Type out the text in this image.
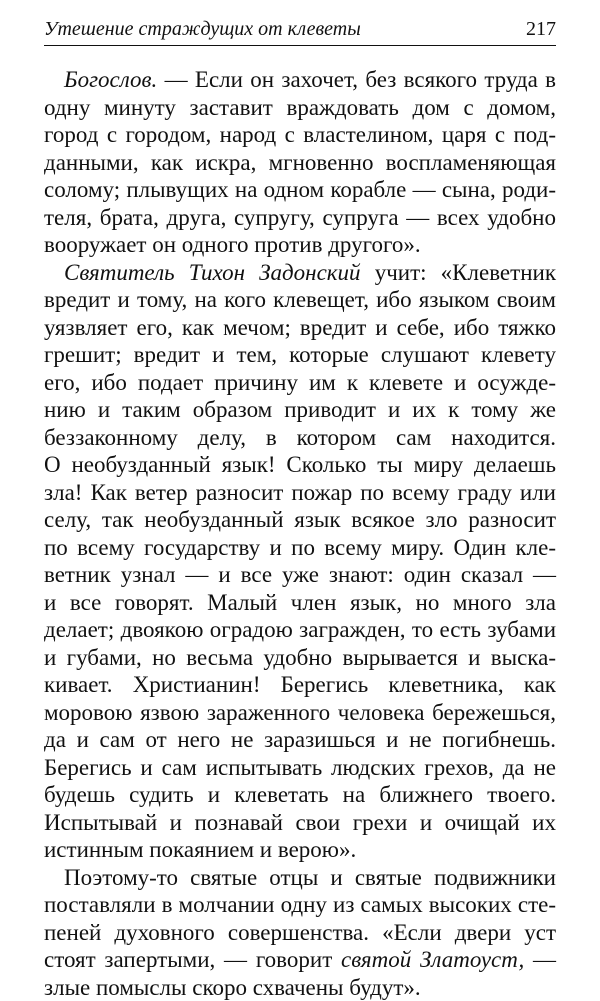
Утешение страждущих от клеветы	217

Богослов. — Если он захочет, без всякого труда в
одну минуту заставит враждовать дом с домом,
город с городом, народ с властелином, царя с под-
данными, как искра, мгновенно воспламеняющая
солому; плывущих на одном корабле — сына, роди-
теля, брата, друга, супругу, супруга — всех удобно
вооружает он одного против другого».

Святитель Тихон Задонский учит: «Клеветник
вредит и тому, на кого клевещет, ибо языком своим
уязвляет его, как мечом; вредит и себе, ибо тяжко
грешит; вредит и тем, которые слушают клевету
его, ибо подает причину им к клевете и осужде-
нию и таким образом приводит и их к тому же
беззаконному делу, в котором сам находится.
О необузданный язык! Сколько ты миру делаешь
зла! Как ветер разносит пожар по всему граду или
селу, так необузданный язык всякое зло разносит
по всему государству и по всему миру. Один кле-
ветник узнал — и все уже знают: один сказал —
и все говорят. Малый член язык, но много зла
делает; двоякою оградою загражден, то есть зубами
и губами, но весьма удобно вырывается и выска-
кивает. Христианин! Берегись клеветника, как
моровою язвою зараженного человека бережешься,
да и сам от него не заразишься и не погибнешь.
Берегись и сам испытывать людских грехов, да не
будешь судить и клеветать на ближнего твоего.
Испытывай и познавай свои грехи и очищай их
истинным покаянием и верою».

Поэтому-то святые отцы и святые подвижники
поставляли в молчании одну из самых высоких сте-
пеней духовного совершенства. «Если двери уст
стоят запертыми, — говорит святой Златоуст, —
злые помыслы скоро схвачены будут».
